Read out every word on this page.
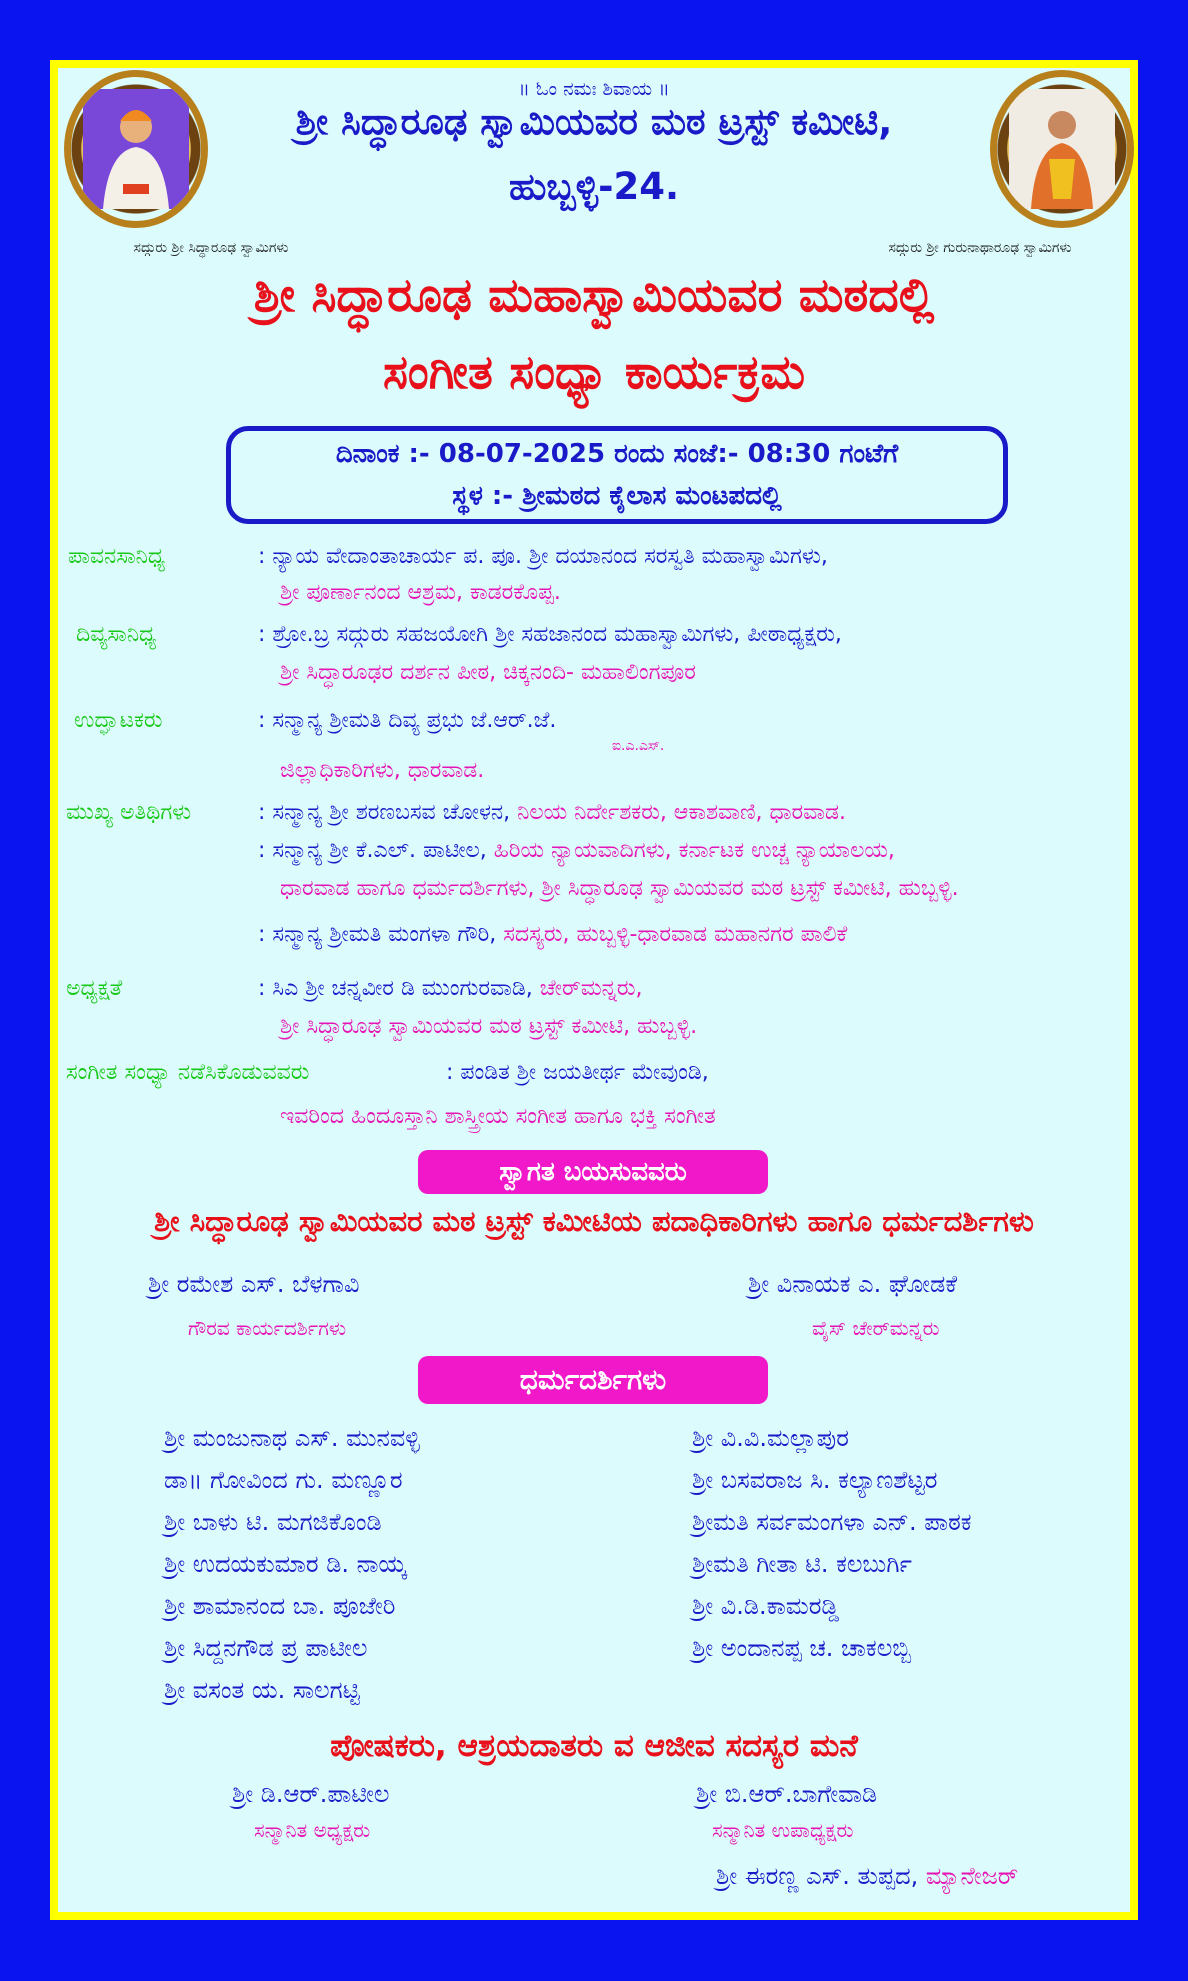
॥ ಓಂ ನಮಃ ಶಿವಾಯ ॥
ಶ್ರೀ ಸಿದ್ಧಾರೂಢ ಸ್ವಾಮಿಯವರ ಮಠ ಟ್ರಸ್ಟ್ ಕಮೀಟಿ,
ಹುಬ್ಬಳ್ಳಿ-24.
ಸದ್ಗುರು ಶ್ರೀ ಸಿದ್ಧಾರೂಢ ಸ್ವಾಮಿಗಳು	ಸದ್ಗುರು ಶ್ರೀ ಗುರುನಾಥಾರೂಢ ಸ್ವಾಮಿಗಳು
ಶ್ರೀ ಸಿದ್ಧಾರೂಢ ಮಹಾಸ್ವಾಮಿಯವರ ಮಠದಲ್ಲಿ
ಸಂಗೀತ ಸಂಧ್ಯಾ ಕಾರ್ಯಕ್ರಮ
ದಿನಾಂಕ :- 08-07-2025 ರಂದು ಸಂಜೆ:- 08:30 ಗಂಟೆಗೆ
ಸ್ಥಳ :- ಶ್ರೀಮಠದ ಕೈಲಾಸ ಮಂಟಪದಲ್ಲಿ
ಪಾವನಸಾನಿಧ್ಯ	: ನ್ಯಾಯ ವೇದಾಂತಾಚಾರ್ಯ ಪ. ಪೂ. ಶ್ರೀ ದಯಾನಂದ ಸರಸ್ವತಿ ಮಹಾಸ್ವಾಮಿಗಳು,
ಶ್ರೀ ಪೂರ್ಣಾನಂದ ಆಶ್ರಮ, ಕಾಡರಕೊಪ್ಪ.
ದಿವ್ಯಸಾನಿಧ್ಯ	: ಶ್ರೋ.ಬ್ರ ಸದ್ಗುರು ಸಹಜಯೋಗಿ ಶ್ರೀ ಸಹಜಾನಂದ ಮಹಾಸ್ವಾಮಿಗಳು, ಪೀಠಾಧ್ಯಕ್ಷರು,
ಶ್ರೀ ಸಿದ್ಧಾರೂಢರ ದರ್ಶನ ಪೀಠ, ಚಿಕ್ಕನಂದಿ- ಮಹಾಲಿಂಗಪೂರ
ಉದ್ಘಾಟಕರು	: ಸನ್ಮಾನ್ಯ ಶ್ರೀಮತಿ ದಿವ್ಯ ಪ್ರಭು ಜೆ.ಆರ್.ಜೆ.
ಐ.ಎ.ಎಸ್.
ಜಿಲ್ಲಾಧಿಕಾರಿಗಳು, ಧಾರವಾಡ.
ಮುಖ್ಯ ಅತಿಥಿಗಳು	: ಸನ್ಮಾನ್ಯ ಶ್ರೀ ಶರಣಬಸವ ಚೋಳನ, ನಿಲಯ ನಿರ್ದೇಶಕರು, ಆಕಾಶವಾಣಿ, ಧಾರವಾಡ.
: ಸನ್ಮಾನ್ಯ ಶ್ರೀ ಕೆ.ಎಲ್. ಪಾಟೀಲ, ಹಿರಿಯ ನ್ಯಾಯವಾದಿಗಳು, ಕರ್ನಾಟಕ ಉಚ್ಚ ನ್ಯಾಯಾಲಯ,
ಧಾರವಾಡ ಹಾಗೂ ಧರ್ಮದರ್ಶಿಗಳು, ಶ್ರೀ ಸಿದ್ಧಾರೂಢ ಸ್ವಾಮಿಯವರ ಮಠ ಟ್ರಸ್ಟ್ ಕಮೀಟಿ, ಹುಬ್ಬಳ್ಳಿ.
: ಸನ್ಮಾನ್ಯ ಶ್ರೀಮತಿ ಮಂಗಳಾ ಗೌರಿ, ಸದಸ್ಯರು, ಹುಬ್ಬಳ್ಳಿ-ಧಾರವಾಡ ಮಹಾನಗರ ಪಾಲಿಕೆ
ಅಧ್ಯಕ್ಷತೆ	: ಸಿಎ ಶ್ರೀ ಚನ್ನವೀರ ಡಿ ಮುಂಗುರವಾಡಿ, ಚೇರ್‌ಮನ್ನರು,
ಶ್ರೀ ಸಿದ್ಧಾರೂಢ ಸ್ವಾಮಿಯವರ ಮಠ ಟ್ರಸ್ಟ್ ಕಮೀಟಿ, ಹುಬ್ಬಳ್ಳಿ.
ಸಂಗೀತ ಸಂಧ್ಯಾ ನಡೆಸಿಕೊಡುವವರು	: ಪಂಡಿತ ಶ್ರೀ ಜಯತೀರ್ಥ ಮೇವುಂಡಿ,
ಇವರಿಂದ ಹಿಂದೂಸ್ತಾನಿ ಶಾಸ್ತ್ರೀಯ ಸಂಗೀತ ಹಾಗೂ ಭಕ್ತಿ ಸಂಗೀತ
ಸ್ವಾಗತ ಬಯಸುವವರು
ಶ್ರೀ ಸಿದ್ಧಾರೂಢ ಸ್ವಾಮಿಯವರ ಮಠ ಟ್ರಸ್ಟ್ ಕಮೀಟಿಯ ಪದಾಧಿಕಾರಿಗಳು ಹಾಗೂ ಧರ್ಮದರ್ಶಿಗಳು
ಶ್ರೀ ರಮೇಶ ಎಸ್. ಬೆಳಗಾವಿ
ಗೌರವ ಕಾರ್ಯದರ್ಶಿಗಳು
ಶ್ರೀ ವಿನಾಯಕ ಎ. ಘೋಡಕೆ
ವೈಸ್ ಚೇರ್‌ಮನ್ನರು
ಧರ್ಮದರ್ಶಿಗಳು
ಶ್ರೀ ಮಂಜುನಾಥ ಎಸ್. ಮುನವಳ್ಳಿ
ಡಾ॥ ಗೋವಿಂದ ಗು. ಮಣ್ಣೂರ
ಶ್ರೀ ಬಾಳು ಟಿ. ಮಗಜಿಕೊಂಡಿ
ಶ್ರೀ ಉದಯಕುಮಾರ ಡಿ. ನಾಯ್ಕ
ಶ್ರೀ ಶಾಮಾನಂದ ಬಾ. ಪೂಜೇರಿ
ಶ್ರೀ ಸಿದ್ದನಗೌಡ ಪ್ರ ಪಾಟೀಲ
ಶ್ರೀ ವಸಂತ ಯ. ಸಾಲಗಟ್ಟಿ
ಶ್ರೀ ವಿ.ವಿ.ಮಲ್ಲಾಪುರ
ಶ್ರೀ ಬಸವರಾಜ ಸಿ. ಕಲ್ಯಾಣಶೆಟ್ಟರ
ಶ್ರೀಮತಿ ಸರ್ವಮಂಗಳಾ ಎನ್. ಪಾಠಕ
ಶ್ರೀಮತಿ ಗೀತಾ ಟಿ. ಕಲಬುರ್ಗಿ
ಶ್ರೀ ವಿ.ಡಿ.ಕಾಮರಡ್ಡಿ
ಶ್ರೀ ಅಂದಾನಪ್ಪ ಚ. ಚಾಕಲಬ್ಬಿ
ಪೋಷಕರು, ಆಶ್ರಯದಾತರು ವ ಆಜೀವ ಸದಸ್ಯರ ಮನೆ
ಶ್ರೀ ಡಿ.ಆರ್.ಪಾಟೀಲ
ಸನ್ಮಾನಿತ ಅಧ್ಯಕ್ಷರು
ಶ್ರೀ ಬಿ.ಆರ್.ಬಾಗೇವಾಡಿ
ಸನ್ಮಾನಿತ ಉಪಾಧ್ಯಕ್ಷರು
ಶ್ರೀ ಈರಣ್ಣ ಎಸ್. ತುಪ್ಪದ, ಮ್ಯಾನೇಜರ್
